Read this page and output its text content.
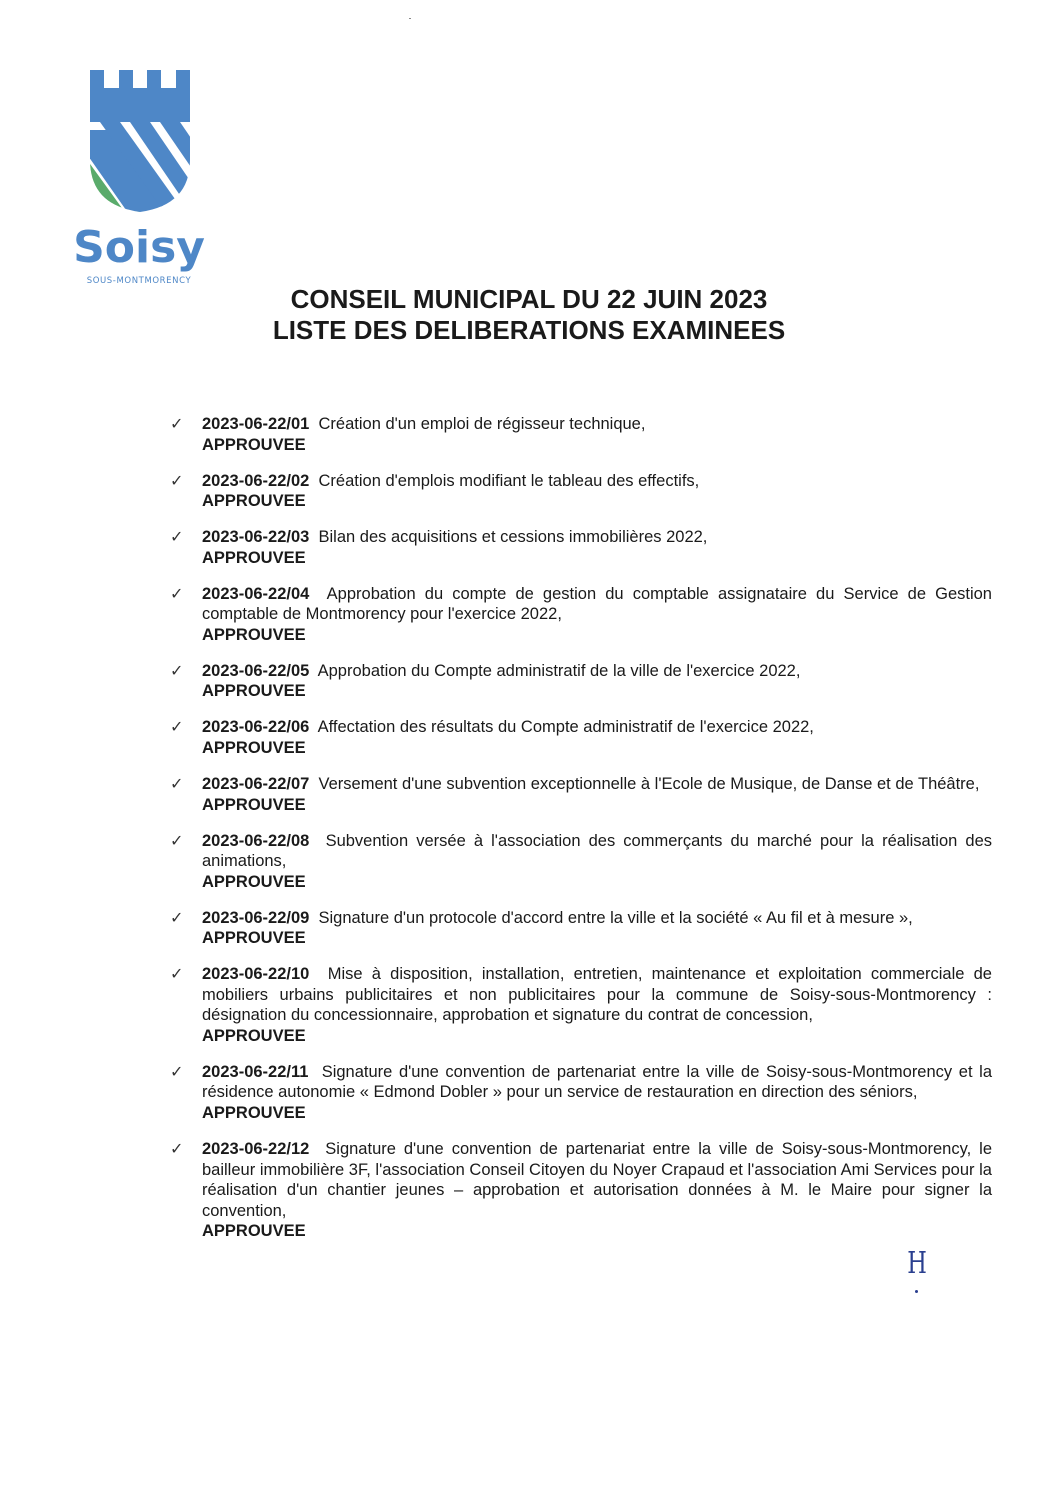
Soisy
SOUS-MONTMORENCY
CONSEIL MUNICIPAL DU 22 JUIN 2023
LISTE DES DELIBERATIONS EXAMINEES
✓ 2023-06-22/01 Création d'un emploi de régisseur technique,
APPROUVEE
✓ 2023-06-22/02 Création d'emplois modifiant le tableau des effectifs,
APPROUVEE
✓ 2023-06-22/03 Bilan des acquisitions et cessions immobilières 2022,
APPROUVEE
✓ 2023-06-22/04 Approbation du compte de gestion du comptable assignataire du Service de Gestion comptable de Montmorency pour l'exercice 2022,
APPROUVEE
✓ 2023-06-22/05 Approbation du Compte administratif de la ville de l'exercice 2022,
APPROUVEE
✓ 2023-06-22/06 Affectation des résultats du Compte administratif de l'exercice 2022,
APPROUVEE
✓ 2023-06-22/07 Versement d'une subvention exceptionnelle à l'Ecole de Musique, de Danse et de Théâtre,
APPROUVEE
✓ 2023-06-22/08 Subvention versée à l'association des commerçants du marché pour la réalisation des animations,
APPROUVEE
✓ 2023-06-22/09 Signature d'un protocole d'accord entre la ville et la société « Au fil et à mesure »,
APPROUVEE
✓ 2023-06-22/10 Mise à disposition, installation, entretien, maintenance et exploitation commerciale de mobiliers urbains publicitaires et non publicitaires pour la commune de Soisy-sous-Montmorency : désignation du concessionnaire, approbation et signature du contrat de concession,
APPROUVEE
✓ 2023-06-22/11 Signature d'une convention de partenariat entre la ville de Soisy-sous-Montmorency et la résidence autonomie « Edmond Dobler » pour un service de restauration en direction des séniors,
APPROUVEE
✓ 2023-06-22/12 Signature d'une convention de partenariat entre la ville de Soisy-sous-Montmorency, le bailleur immobilière 3F, l'association Conseil Citoyen du Noyer Crapaud et l'association Ami Services pour la réalisation d'un chantier jeunes – approbation et autorisation données à M. le Maire pour signer la convention,
APPROUVEE
H
